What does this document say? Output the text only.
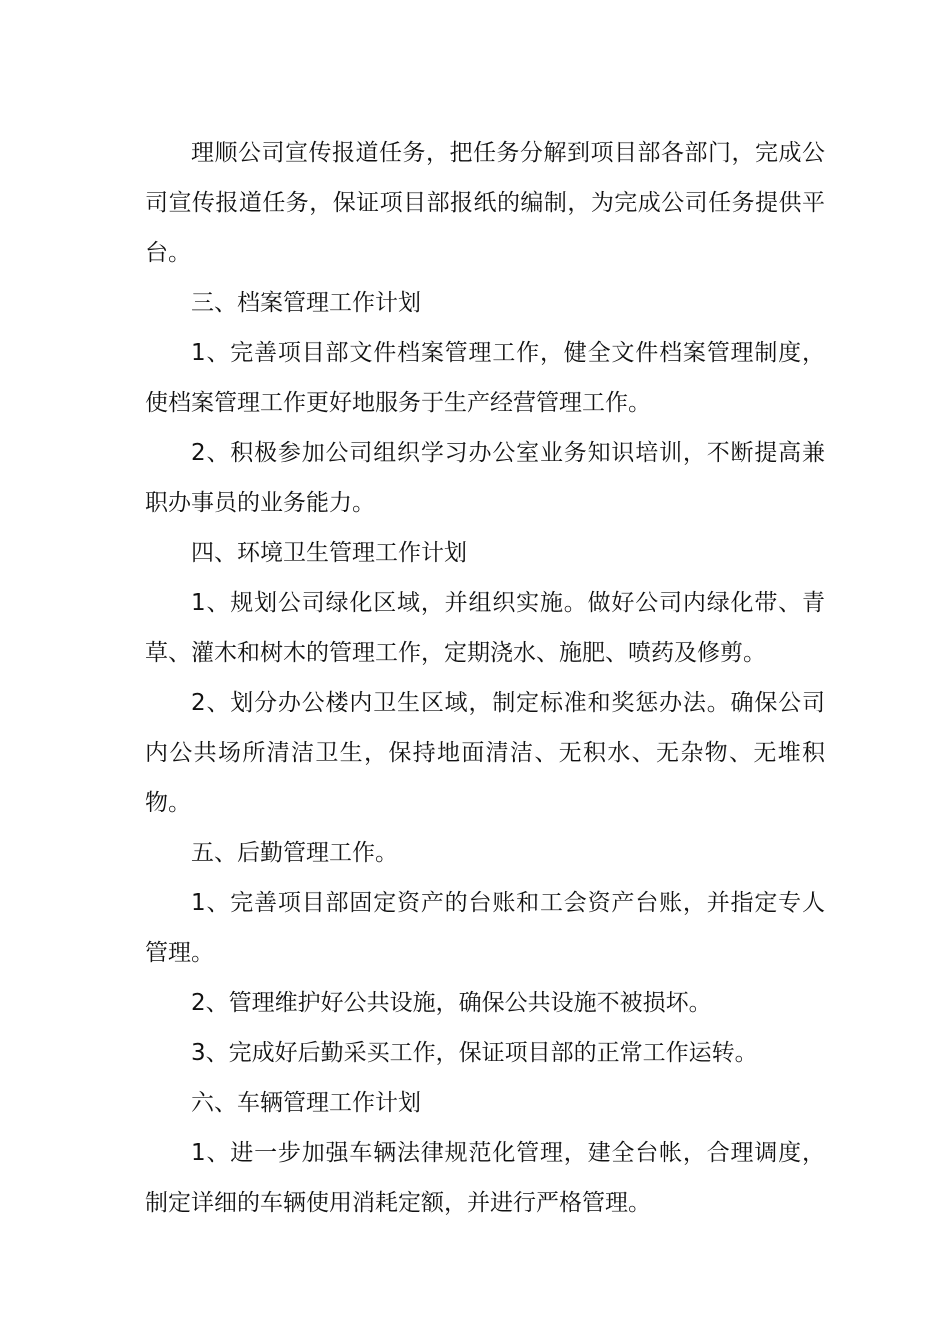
理顺公司宣传报道任务，把任务分解到项目部各部门，完成公司宣传报道任务，保证项目部报纸的编制，为完成公司任务提供平台。

三、档案管理工作计划

1、完善项目部文件档案管理工作，健全文件档案管理制度，使档案管理工作更好地服务于生产经营管理工作。

2、积极参加公司组织学习办公室业务知识培训，不断提高兼职办事员的业务能力。

四、环境卫生管理工作计划

1、规划公司绿化区域，并组织实施。做好公司内绿化带、青草、灌木和树木的管理工作，定期浇水、施肥、喷药及修剪。

2、划分办公楼内卫生区域，制定标准和奖惩办法。确保公司内公共场所清洁卫生，保持地面清洁、无积水、无杂物、无堆积物。

五、后勤管理工作。

1、完善项目部固定资产的台账和工会资产台账，并指定专人管理。

2、管理维护好公共设施，确保公共设施不被损坏。

3、完成好后勤采买工作，保证项目部的正常工作运转。

六、车辆管理工作计划

1、进一步加强车辆法律规范化管理，建全台帐，合理调度，制定详细的车辆使用消耗定额，并进行严格管理。
